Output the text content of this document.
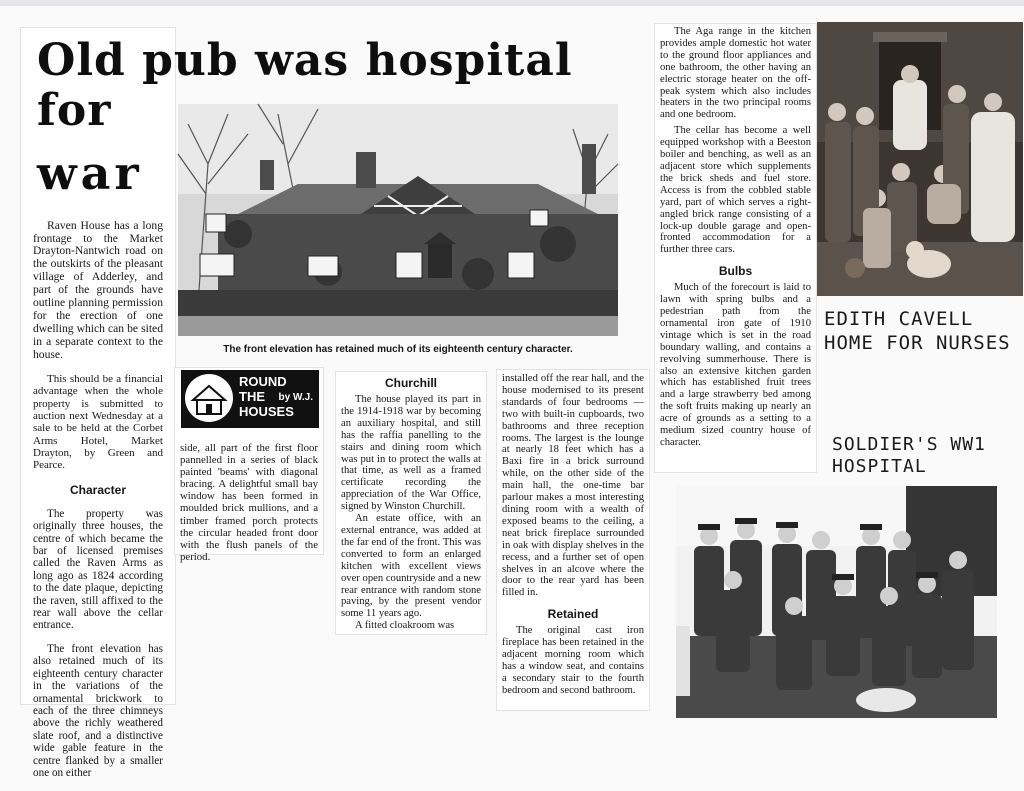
Old pub was hospital
for
war

Raven House has a long frontage to the Market Drayton-Nantwich road on the outskirts of the pleasant village of Adderley, and part of the grounds have outline planning permission for the erection of one dwelling which can be sited in a separate context to the house.

This should be a financial advantage when the whole property is submitted to auction next Wednesday at a sale to be held at the Corbet Arms Hotel, Market Drayton, by Green and Pearce.

Character

The property was originally three houses, the centre of which became the bar of licensed premises called the Raven Arms as long ago as 1824 according to the date plaque, depicting the raven, still affixed to the rear wall above the cellar entrance.

The front elevation has also retained much of its eighteenth century character in the variations of the ornamental brickwork to each of the three chimneys above the richly weathered slate roof, and a distinctive wide gable feature in the centre flanked by a smaller one on either

The front elevation has retained much of its eighteenth century character.
ROUND
THE
HOUSES
by W.J.

side, all part of the first floor pannelled in a series of black painted 'beams' with diagonal bracing. A delightful small bay window has been formed in moulded brick mullions, and a timber framed porch protects the circular headed front door with the flush panels of the period.

Churchill

The house played its part in the 1914-1918 war by becoming an auxiliary hospital, and still has the raffia panelling to the stairs and dining room which was put in to protect the walls at that time, as well as a framed certificate recording the appreciation of the War Office, signed by Winston Churchill.

An estate office, with an external entrance, was added at the far end of the front. This was converted to form an enlarged kitchen with excellent views over open countryside and a new rear entrance with random stone paving, by the present vendor some 11 years ago.

A fitted cloakroom was

installed off the rear hall, and the house modernised to its present standards of four bedrooms — two with built-in cupboards, two bathrooms and three reception rooms. The largest is the lounge at nearly 18 feet which has a Baxi fire in a brick surround while, on the other side of the main hall, the one-time bar parlour makes a most interesting dining room with a wealth of exposed beams to the ceiling, a neat brick fireplace surrounded in oak with display shelves in the recess, and a further set of open shelves in an alcove where the door to the rear yard has been filled in.

Retained

The original cast iron fireplace has been retained in the adjacent morning room which has a window seat, and contains a secondary stair to the fourth bedroom and second bathroom.

The Aga range in the kitchen provides ample domestic hot water to the ground floor appliances and one bathroom, the other having an electric storage heater on the off-peak system which also includes heaters in the two principal rooms and one bedroom.

The cellar has become a well equipped workshop with a Beeston boiler and benching, as well as an adjacent store which supplements the brick sheds and fuel store. Access is from the cobbled stable yard, part of which serves a right-angled brick range consisting of a lock-up double garage and open-fronted accommodation for a further three cars.

Bulbs

Much of the forecourt is laid to lawn with spring bulbs and a pedestrian path from the ornamental iron gate of 1910 vintage which is set in the road boundary walling, and contains a revolving summerhouse. There is also an extensive kitchen garden which has established fruit trees and a large strawberry bed among the soft fruits making up nearly an acre of grounds as a setting to a medium sized country house of character.

EDITH CAVELL
HOME FOR NURSES
SOLDIER'S WW1
HOSPITAL
